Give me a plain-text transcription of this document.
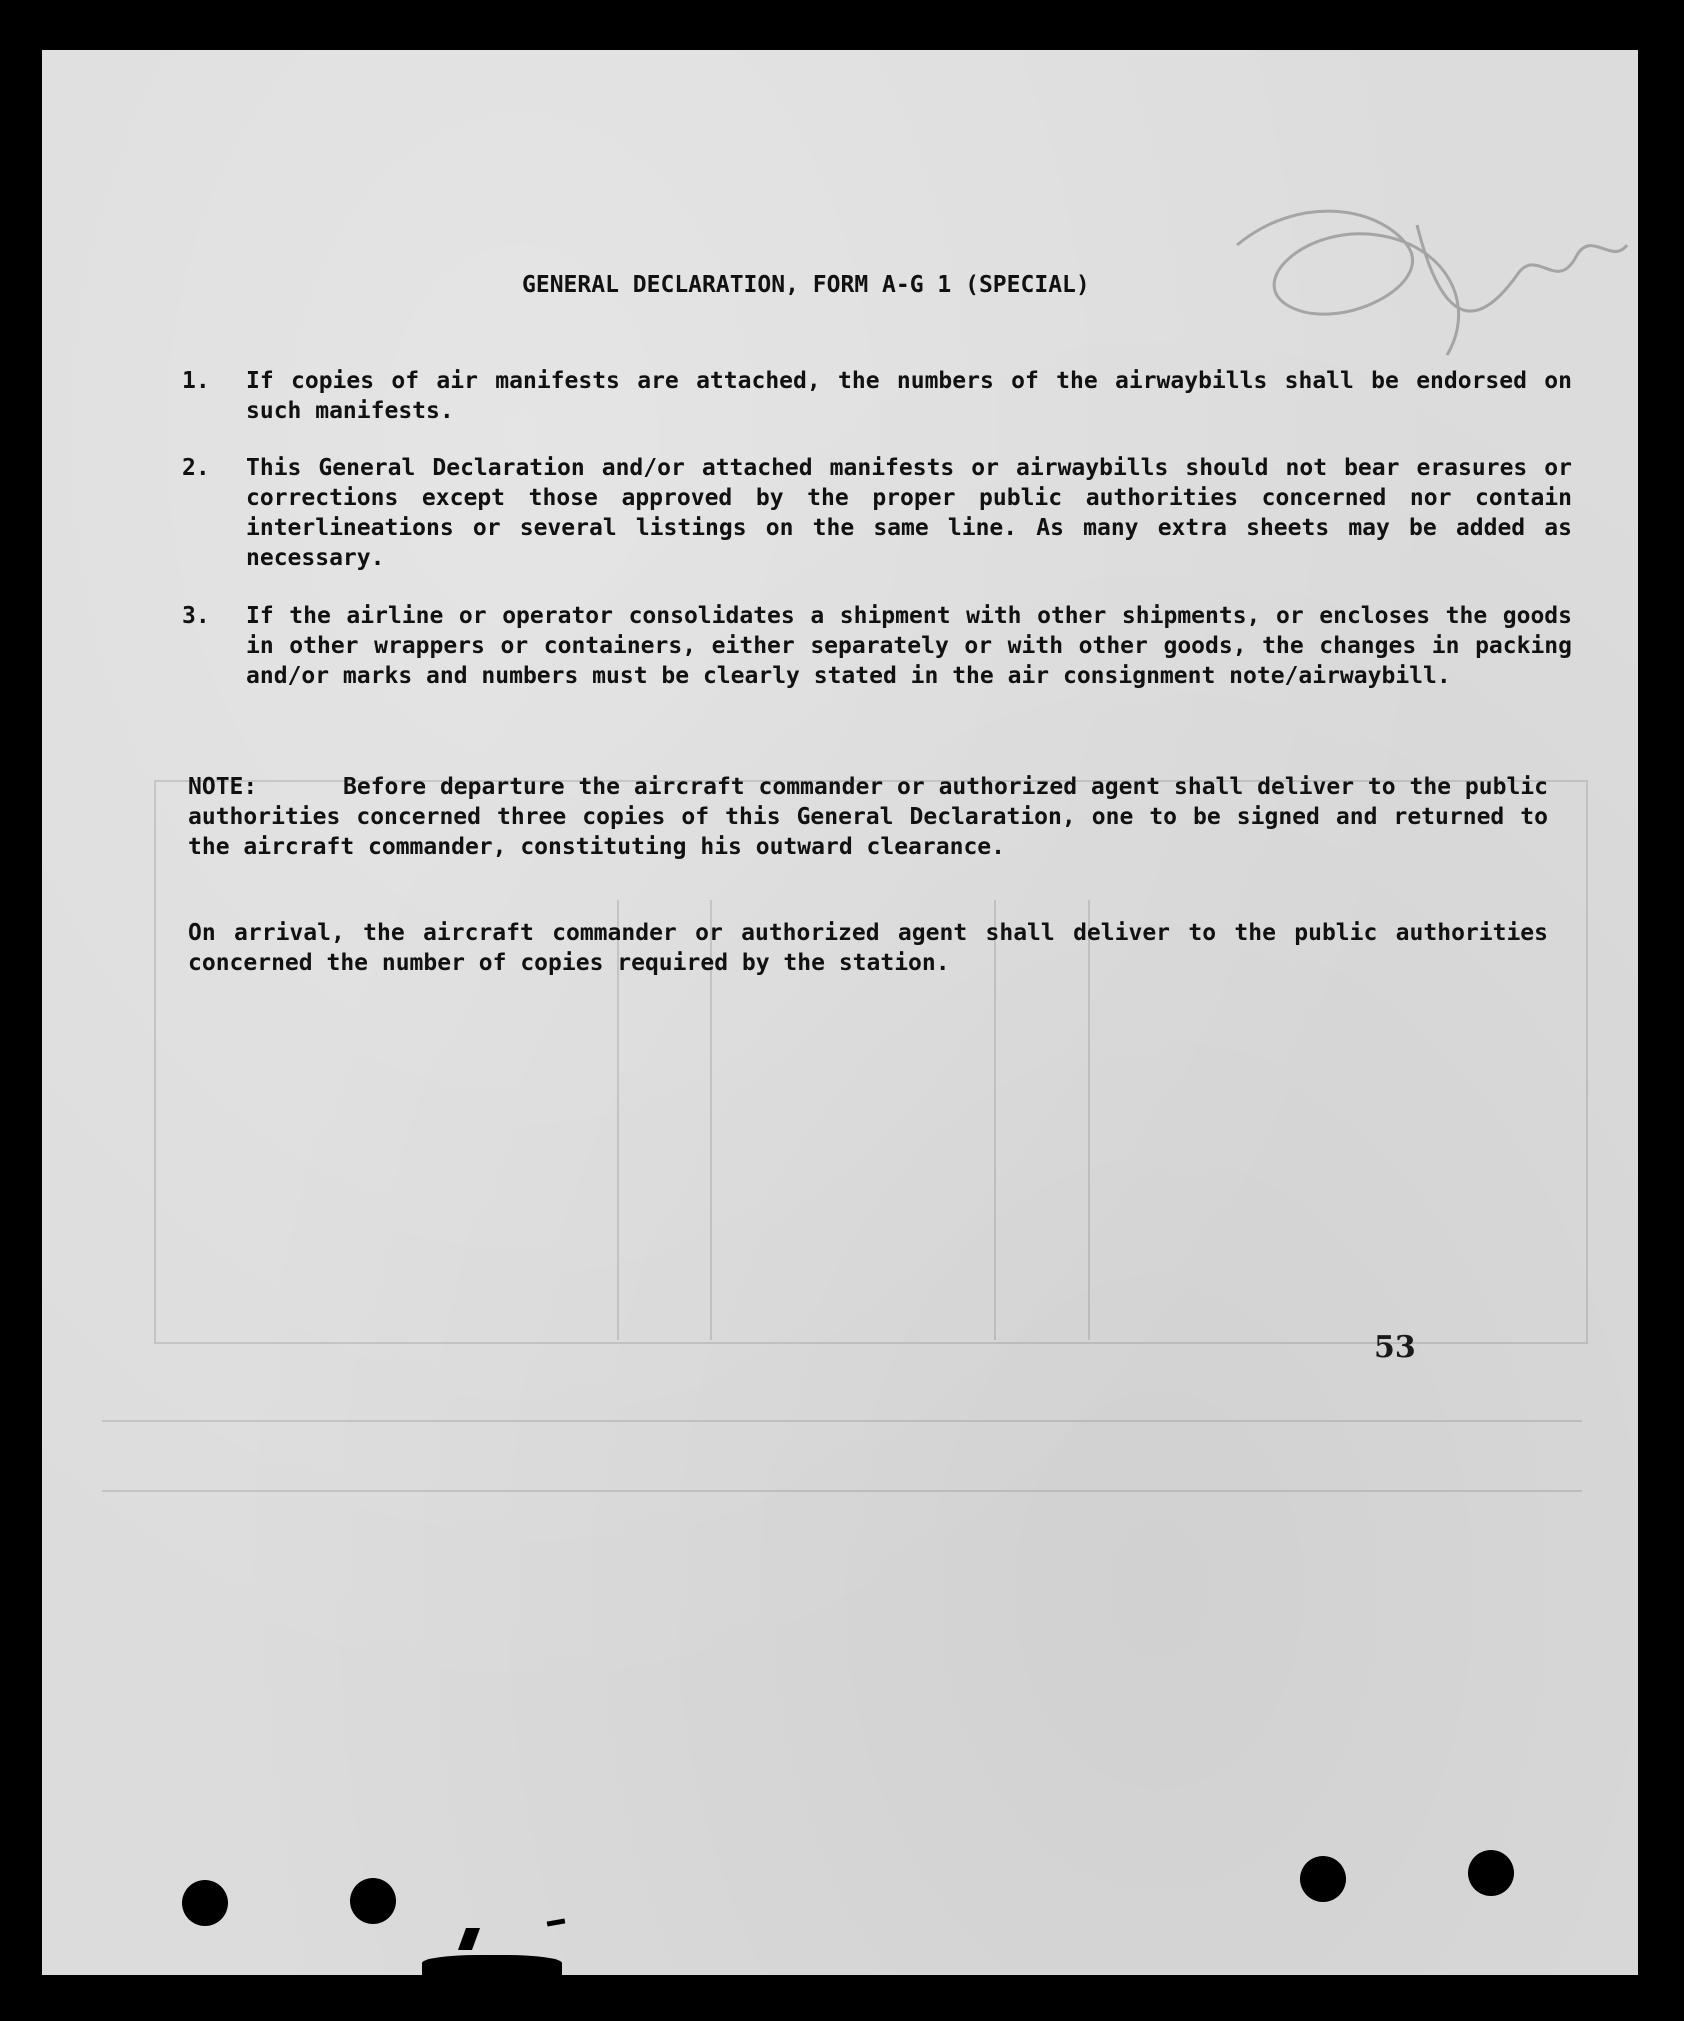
GENERAL DECLARATION, FORM A-G 1 (SPECIAL)
1.	If copies of air manifests are attached, the numbers of the airwaybills shall be endorsed on such manifests.
2.	This General Declaration and/or attached manifests or airwaybills should not bear erasures or corrections except those approved by the proper public authorities concerned nor contain interlineations or several listings on the same line. As many extra sheets may be added as necessary.
3.	If the airline or operator consolidates a shipment with other shipments, or encloses the goods in other wrappers or containers, either separately or with other goods, the changes in packing and/or marks and numbers must be clearly stated in the air consignment note/airwaybill.
NOTE:	Before departure the aircraft commander or authorized agent shall deliver to the public authorities concerned three copies of this General Declaration, one to be signed and returned to the aircraft commander, constituting his outward clearance.
On arrival, the aircraft commander or authorized agent shall deliver to the public authorities concerned the number of copies required by the station.
53
